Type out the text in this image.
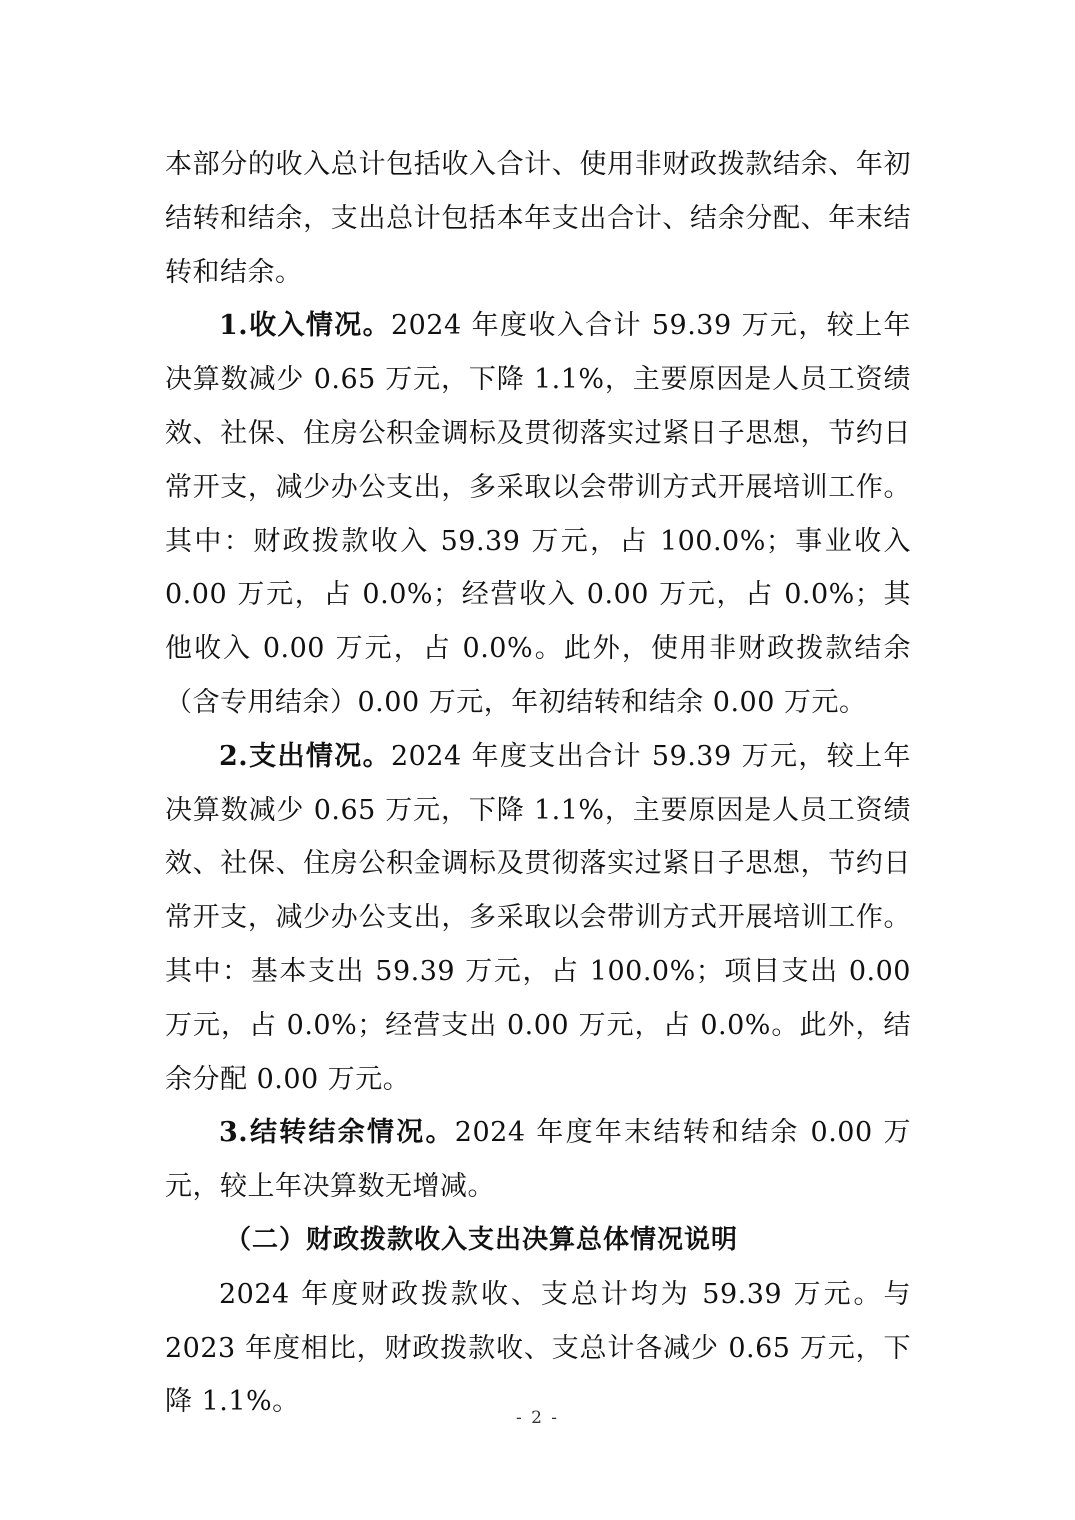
本部分的收入总计包括收入合计、使用非财政拨款结余、年初结转和结余，支出总计包括本年支出合计、结余分配、年末结转和结余。

1.收入情况。2024 年度收入合计 59.39 万元，较上年决算数减少 0.65 万元，下降 1.1%，主要原因是人员工资绩效、社保、住房公积金调标及贯彻落实过紧日子思想，节约日常开支，减少办公支出，多采取以会带训方式开展培训工作。其中：财政拨款收入 59.39 万元，占 100.0%；事业收入 0.00 万元，占 0.0%；经营收入 0.00 万元，占 0.0%；其他收入 0.00 万元，占 0.0%。此外，使用非财政拨款结余（含专用结余）0.00 万元，年初结转和结余 0.00 万元。

2.支出情况。2024 年度支出合计 59.39 万元，较上年决算数减少 0.65 万元，下降 1.1%，主要原因是人员工资绩效、社保、住房公积金调标及贯彻落实过紧日子思想，节约日常开支，减少办公支出，多采取以会带训方式开展培训工作。其中：基本支出 59.39 万元，占 100.0%；项目支出 0.00 万元，占 0.0%；经营支出 0.00 万元，占 0.0%。此外，结余分配 0.00 万元。

3.结转结余情况。2024 年度年末结转和结余 0.00 万元，较上年决算数无增减。

（二）财政拨款收入支出决算总体情况说明

2024 年度财政拨款收、支总计均为 59.39 万元。与 2023 年度相比，财政拨款收、支总计各减少 0.65 万元，下降 1.1%。

- 2 -
